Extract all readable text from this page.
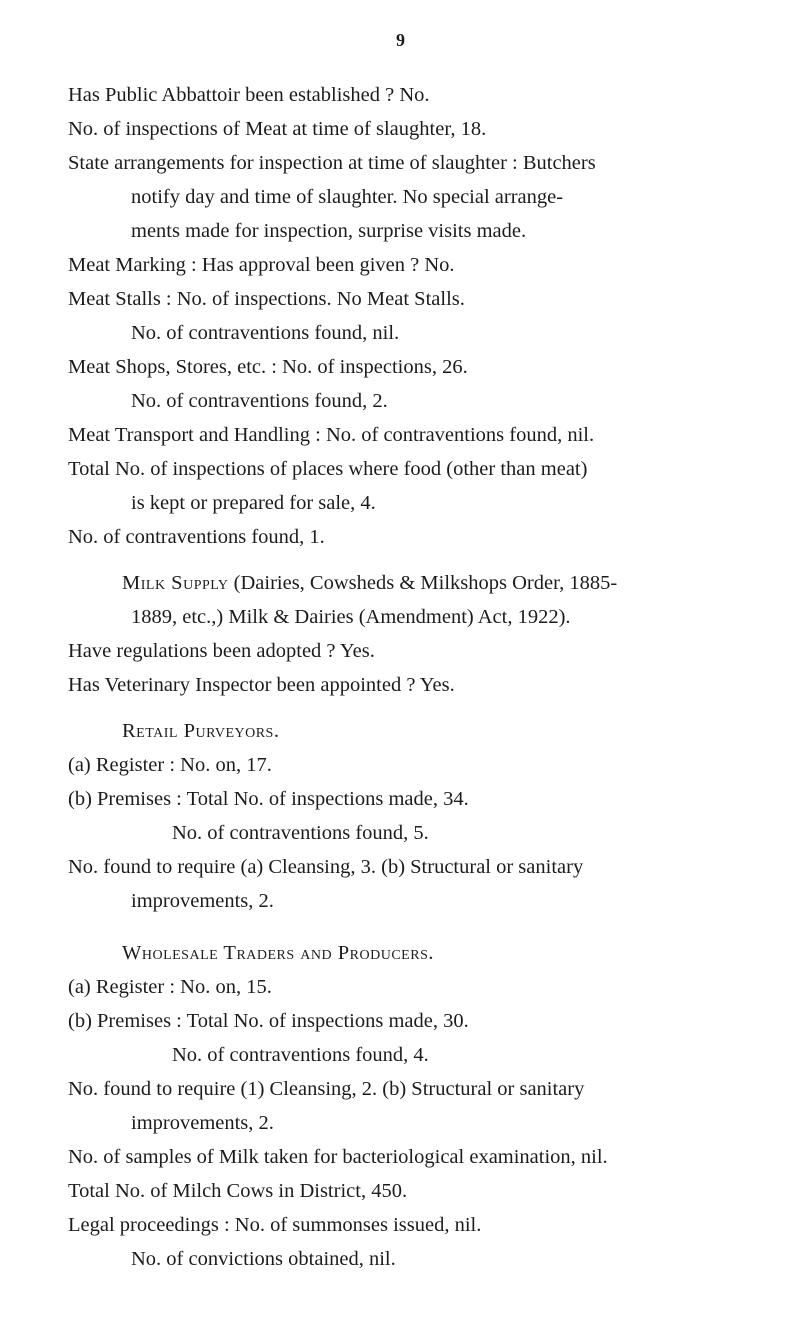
9
Has Public Abbattoir been established ? No.
No. of inspections of Meat at time of slaughter, 18.
State arrangements for inspection at time of slaughter : Butchers
notify day and time of slaughter. No special arrange-
ments made for inspection, surprise visits made.
Meat Marking : Has approval been given ? No.
Meat Stalls : No. of inspections. No Meat Stalls.
No. of contraventions found, nil.
Meat Shops, Stores, etc. : No. of inspections, 26.
No. of contraventions found, 2.
Meat Transport and Handling : No. of contraventions found, nil.
Total No. of inspections of places where food (other than meat)
is kept or prepared for sale, 4.
No. of contraventions found, 1.
Milk Supply (Dairies, Cowsheds & Milkshops Order, 1885-
1889, etc.,) Milk & Dairies (Amendment) Act, 1922).
Have regulations been adopted ? Yes.
Has Veterinary Inspector been appointed ? Yes.
Retail Purveyors.
(a) Register : No. on, 17.
(b) Premises : Total No. of inspections made, 34.
No. of contraventions found, 5.
No. found to require (a) Cleansing, 3. (b) Structural or sanitary
improvements, 2.
Wholesale Traders and Producers.
(a) Register : No. on, 15.
(b) Premises : Total No. of inspections made, 30.
No. of contraventions found, 4.
No. found to require (1) Cleansing, 2. (b) Structural or sanitary
improvements, 2.
No. of samples of Milk taken for bacteriological examination, nil.
Total No. of Milch Cows in District, 450.
Legal proceedings : No. of summonses issued, nil.
No. of convictions obtained, nil.
